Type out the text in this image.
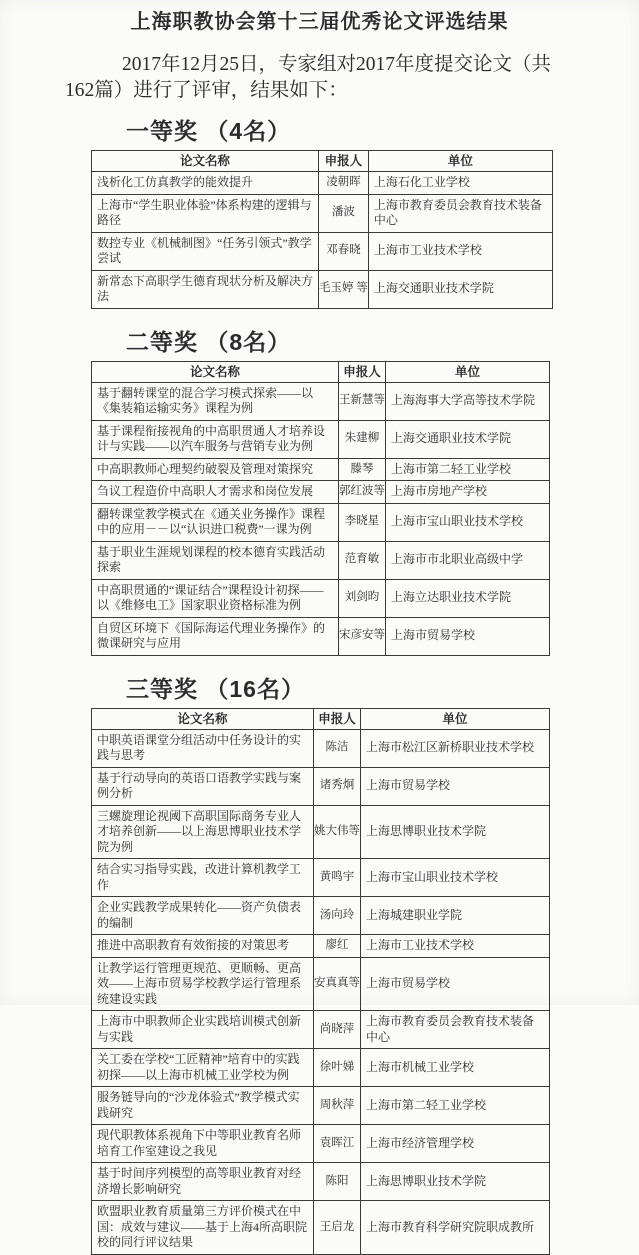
上海职教协会第十三届优秀论文评选结果

2017年12月25日，专家组对2017年度提交论文（共162篇）进行了评审，结果如下：

一等奖 （4名）
论文名称	申报人	单位
浅析化工仿真教学的能效提升	凌朝晖	上海石化工业学校
上海市“学生职业体验”体系构建的逻辑与路径	潘波	上海市教育委员会教育技术装备中心
数控专业《机械制图》“任务引领式”教学尝试	邓春晓	上海市工业技术学校
新常态下高职学生德育现状分析及解决方法	毛玉婷 等	上海交通职业技术学院
二等奖 （8名）
论文名称	申报人	单位
基于翻转课堂的混合学习模式探索——以《集装箱运输实务》课程为例	王新慧等	上海海事大学高等技术学院
基于课程衔接视角的中高职贯通人才培养设计与实践——以汽车服务与营销专业为例	朱建柳	上海交通职业技术学院
中高职教师心理契约破裂及管理对策探究	滕琴	上海市第二轻工业学校
刍议工程造价中高职人才需求和岗位发展	郭红波等	上海市房地产学校
翻转课堂教学模式在《通关业务操作》课程中的应用－－以“认识进口税费”一课为例	李晓星	上海市宝山职业技术学校
基于职业生涯规划课程的校本德育实践活动探索	范育敏	上海市市北职业高级中学
中高职贯通的“课证结合”课程设计初探——以《维修电工》国家职业资格标准为例	刘剑昀	上海立达职业技术学院
自贸区环境下《国际海运代理业务操作》的微课研究与应用	宋彦安等	上海市贸易学校
三等奖 （16名）
论文名称	申报人	单位
中职英语课堂分组活动中任务设计的实践与思考	陈洁	上海市松江区新桥职业技术学校
基于行动导向的英语口语教学实践与案例分析	诸秀炯	上海市贸易学校
三螺旋理论视阈下高职国际商务专业人才培养创新——以上海思博职业技术学院为例	姚大伟等	上海思博职业技术学院
结合实习指导实践，改进计算机教学工作	黄鸣宇	上海市宝山职业技术学校
企业实践教学成果转化——资产负债表的编制	汤向玲	上海城建职业学院
推进中高职教育有效衔接的对策思考	廖红	上海市工业技术学校
让教学运行管理更规范、更顺畅、更高效——上海市贸易学校教学运行管理系统建设实践	安真真等	上海市贸易学校
上海市中职教师企业实践培训模式创新与实践	尚晓萍	上海市教育委员会教育技术装备中心
关工委在学校“工匠精神”培育中的实践初探——以上海市机械工业学校为例	徐叶娣	上海市机械工业学校
服务链导向的“沙龙体验式”教学模式实践研究	周秋萍	上海市第二轻工业学校
现代职教体系视角下中等职业教育名师培育工作室建设之我见	袁晖江	上海市经济管理学校
基于时间序列模型的高等职业教育对经济增长影响研究	陈阳	上海思博职业技术学院
欧盟职业教育质量第三方评价模式在中国：成效与建议——基于上海4所高职院校的同行评议结果	王启龙	上海市教育科学研究院职成教所
